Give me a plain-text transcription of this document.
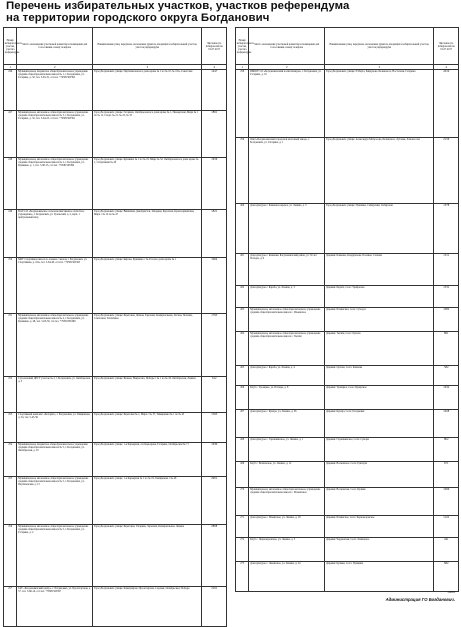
Перечень избирательных участков, участков референдума
на территории городского округа Богданович
Номер избирательного участка, участка референдума	Место нахождения участковой комиссии и помещения для голосования, номер телефона	Наименование улиц, переулков, населенных пунктов, входящих в избирательный участок, участок референдума	Численность избирателей на 01.07.2017
1	2	3	4
246	Муниципальное бюджетное общеобразовательное учреждение средняя общеобразовательная школа № 1, г. Богданович, ул. Гагарина, д. 32, тел. 5-65-31, сот.тел. +79581565393	Город Богданович: улицы: Партизанская все дома кроме № 1 по № 10, № 10А, Советская	1447
247	Муниципальное автономное общеобразовательное учреждение средняя общеобразовательная школа № 3, г. Богданович, ул. Гагарина, д. 32, тел. 5-64-25, сот.тел. +79581565391	Город Богданович: улицы: Гагарина, Октябрьская все дома кроме № 1, Пионерская, Мира № 1 по № 15, Спорт. № 21, № 23, № 35	1891
248	Муниципальное автономное общеобразовательное учреждение средняя общеобразовательная школа № 2, г. Богданович, ул. Кунавина, д. 1, тел. 5-08-15, сот.тел. +79581565392	Город Богданович: улицы: Кунавина № 1 по № 19, Мира № 52, Октябрьская все дома кроме № 1, Спортивная № 26	1956
249	ПАУ-СО «Богдановичское сельскохозяйственное областное учреждение», г. Богданович, ул. Уральский, д. 2, корп. 1 центральный вход	Город Богданович: улицы: Вишнёвая, Декабристов, Западная, Короткая, Красноармейская, Мира с № 14 по № 47	1821
250	МБУ Спортивная школа по хоккею с мячом, г. Богданович, ул. Спортивная, д. 16А, тел. 5-64-40, сот.тел. +79581565395	Город Богданович: улицы: Кирова, Кунавина с № 43 и все дома кроме № 1	1964
251	Муниципальное автономное общеобразовательное учреждение средняя общеобразовательная школа № 4, г. Богданович, ул. Кунавина, д. 48, тел. 5-63-50, сот.тел. +79581565396	Город Богданович: улицы: Береговая, Дачная, Заречная, Коммунальная, Лесная, Полевая, Совхозная, Тепличная	1793
252	Сухоложский ДРСУ участок № 2, г. Богданович, ул. Октябрьская, д. 3	Город Богданович: улицы: Бажова, Некрасова, Победы с № 1 по № 43, Октябрьская, Ленина	612
253	Спортивный комплекс «Колорит», г. Богданович, ул. Тимирязева, д. 54, тел. 5-45-36	Город Богданович: улицы: Береговая № 1, Мира с № 37, Тимирязева № 1 по № 45	1593
254	Муниципальное бюджетное общеобразовательное учреждение средняя общеобразовательная школа № 5, г. Богданович, ул. Октябрьская, д. 10	Город Богданович: улицы: 1-я Карьерная, 2-я Карьерная, Гагарина, Октябрьская № 71	1939
255	Муниципальное автономное общеобразовательное учреждение средняя общеобразовательная школа № 5, г. Богданович, ул. Партизанская, д. 15	Город Богданович: улицы: 1-я Карьерная № 1 по № 19, Тимирязева с № 46	2901
256	Муниципальное автономное общеобразовательное учреждение средняя общеобразовательная школа № 5, г. Богданович, ул. Гагарина, д. 2	Город Богданович: улицы: Береговая, Гагарина, Заречная, Коммунальная, Ленина	2808
257	ГАУ «Богдановичский центр», г. Богданович, ул. Пролетарская, д. 57, тел. 5-66-14, сот.тел. +79581565397	Город Богданович: улицы: Коммунаров, Пролетарская, Садовая, Октябрьская, Победы	2161
Номер избирательного участка, участка референдума	Место нахождения участковой комиссии и помещения для голосования, номер телефона	Наименование улиц, переулков, населенных пунктов, входящих в избирательный участок, участок референдума	Численность избирателей на 01.07.2017
1	2	3	4
258	ПБПОУ СО «Богдановичский политехникум», г. Богданович, ул. Гагарина, д. 10	Город Богданович: улицы: 8 Марта, Байдукова, Белинского, Восточная, Гагарина	2019
259	ОАО «Богдановичский городской молочный завод», г. Богданович, ул. Гагарина, д. 1	Город Богданович: улицы: Александра Матросова, Белинского, Луговая, Ломоносова	2156
260	Дом культуры с. Каменноозерское, ул. Ленина, д. 5	Город Богданович: улицы: Пушкина, Сибирский, Сибирская	1578
261	Дом культуры с. Коменки, Богдановичский район, ул. 50 лет Победы, д. 9	Деревня: Каменка, Кондратьева, Полевая, Степная	1511
262	Дом культуры с. Бараба, ул. Ленина, д. 3	Деревня: Бараба, Село: Трифоново	1531
263	Муниципальное автономное общеобразовательное учреждение средняя общеобразовательная школа с. Ильинское	Деревня: Ильинская, Село: Суходол	1082
264	Муниципальное автономное общеобразовательное учреждение средняя общеобразовательная школа с. Тыгиш	Деревня: Тыгиш, Село: Орлова	861
265	Дом культуры с. Бараба, ул. Ленина, д. 4	Деревня: Орлова, Село: Каменка	582
266	Клуб с. Троицкое, ул. Победы, д. 8	Деревня: Троицкое, Село: Кунарское	1032
267	Дом культуры с. Кунара, ул. Ленина, д. 36	Деревня: Кунара, Село: Полдневая	1028
268	Дом культуры с. Гарашкинское, ул. Ленина, д. 1	Деревня: Гарашкинское, Села: Суворы	802
269	Клуб с. Волковское, ул. Ленина, д. 12	Деревня: Волковское, Села: Грязнуха	671
270	Муниципальное автономное общеобразовательное учреждение средняя общеобразовательная школа с. Волковское	Деревня: Волковская, Село: Кулики	1096
271	Дом культуры с. Ильинское, ул. Ленина, д. 18	Деревня: Ильинское, Село: Чернокоровское	1122
272	Клуб с. Чернокоровское, ул. Ленина, д. 3	Деревня: Черданская, Село: Ленинское	441
273	Дом культуры с. Ленинское, ул. Ленина, д. 24	Деревня: Кулики, Село: Пушкина	682
59683
Администрация ГО Богданович.
